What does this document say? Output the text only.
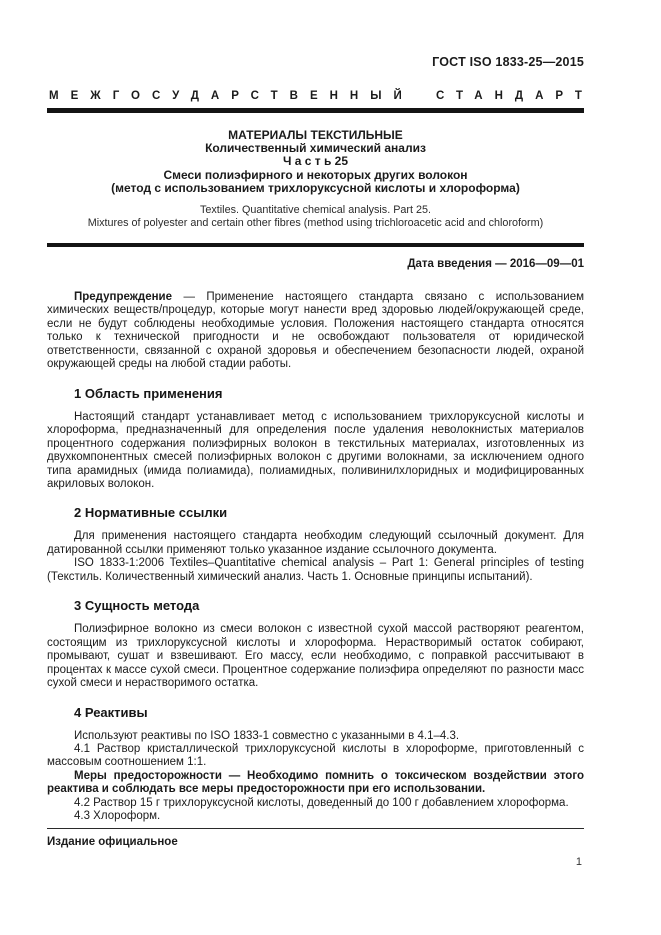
ГОСТ ISO 1833-25—2015
МЕЖГОСУДАРСТВЕННЫЙ СТАНДАРТ
МАТЕРИАЛЫ ТЕКСТИЛЬНЫЕ
Количественный химический анализ
Ч а с т ь 25
Смеси полиэфирного и некоторых других волокон
(метод с использованием трихлоруксусной кислоты и хлороформа)
Textiles. Quantitative chemical analysis. Part 25.
Mixtures of polyester and certain other fibres (method using trichloroacetic acid and chloroform)
Дата введения — 2016—09—01

Предупреждение — Применение настоящего стандарта связано с использованием химических веществ/процедур, которые могут нанести вред здоровью людей/окружающей среде, если не будут соблюдены необходимые условия. Положения настоящего стандарта относятся только к технической пригодности и не освобождают пользователя от юридической ответственности, связанной с охраной здоровья и обеспечением безопасности людей, охраной окружающей среды на любой стадии работы.

1 Область применения

Настоящий стандарт устанавливает метод с использованием трихлоруксусной кислоты и хлороформа, предназначенный для определения после удаления неволокнистых материалов процентного содержания полиэфирных волокон в текстильных материалах, изготовленных из двухкомпонентных смесей полиэфирных волокон с другими волокнами, за исключением одного типа арамидных (имида полиамида), полиамидных, поливинилхлоридных и модифицированных акриловых волокон.

2 Нормативные ссылки

Для применения настоящего стандарта необходим следующий ссылочный документ. Для датированной ссылки применяют только указанное издание ссылочного документа.

ISO 1833-1:2006 Textiles–Quantitative chemical analysis – Part 1: General principles of testing (Текстиль. Количественный химический анализ. Часть 1. Основные принципы испытаний).

3 Сущность метода

Полиэфирное волокно из смеси волокон с известной сухой массой растворяют реагентом, состоящим из трихлоруксусной кислоты и хлороформа. Нерастворимый остаток собирают, промывают, сушат и взвешивают. Его массу, если необходимо, с поправкой рассчитывают в процентах к массе сухой смеси. Процентное содержание полиэфира определяют по разности масс сухой смеси и нерастворимого остатка.

4 Реактивы

Используют реактивы по ISO 1833-1 совместно с указанными в 4.1–4.3.

4.1 Раствор кристаллической трихлоруксусной кислоты в хлороформе, приготовленный с массовым соотношением 1:1.

Меры предосторожности — Необходимо помнить о токсическом воздействии этого реактива и соблюдать все меры предосторожности при его использовании.

4.2 Раствор 15 г трихлоруксусной кислоты, доведенный до 100 г добавлением хлороформа.

4.3 Хлороформ.

Издание официальное
1
